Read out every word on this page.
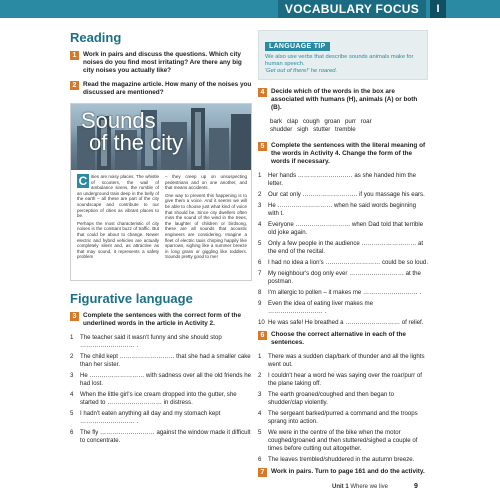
VOCABULARY FOCUS	I
Reading
1	Work in pairs and discuss the questions. Which city noises do you find most irritating? Are there any big city noises you actually like?
2	Read the magazine article. How many of the noises you discussed are mentioned?
Sounds
of the city

C ities are noisy places. The whistle of scooters, the wail of ambulance sirens, the rumble of an underground train deep in the belly of the earth – all these are part of the city soundscape and contribute to our perception of cities as vibrant places to be.

Perhaps the most characteristic of city noises is the constant buzz of traffic. But that could be about to change. Newer electric and hybrid vehicles are actually completely silent and, as attractive as that may sound, it represents a safety problem

– they creep up on unsuspecting pedestrians and on one another, and that means accidents.

One way to prevent this happening is to give them a voice. And it seems we will be able to choose just what kind of voice that should be. Since city dwellers often miss the sound of the wind in the trees, the laughter of children or birdsong, these are all sounds that acoustic engineers are considering. Imagine a fleet of electric taxis chirping happily like sparrows, sighing like a summer breeze in long grass or giggling like toddlers. Sounds pretty good to me!

Figurative language
3	Complete the sentences with the correct form of the underlined words in the article in Activity 2.
1	The teacher said it wasn't funny and she should stop ……………………… .
2	The child kept ……………………… that she had a smaller cake than her sister.
3	He ……………………… with sadness over all the old friends he had lost.
4	When the little girl's ice cream dropped into the gutter, she started to ……………………… in distress.
5	I hadn't eaten anything all day and my stomach kept ……………………… .
6	The fly ……………………… against the window made it difficult to concentrate.
LANGUAGE TIP

We also use verbs that describe sounds animals make for human speech.

'Get out of there!' he roared.

4	Decide which of the words in the box are associated with humans (H), animals (A) or both (B).
bark clap cough groan purr roar
shudder sigh stutter tremble
5	Complete the sentences with the literal meaning of the words in Activity 4. Change the form of the words if necessary.
1	Her hands ……………………… as she handed him the letter.
2	Our cat only ……………………… if you massage his ears.
3	He ……………………… when he said words beginning with t.
4	Everyone ……………………… when Dad told that terrible old joke again.
5	Only a few people in the audience ……………………… at the end of the recital.
6	I had no idea a lion's ……………………… could be so loud.
7	My neighbour's dog only ever ……………………… at the postman.
8	I'm allergic to pollen – it makes me ……………………… .
9	Even the idea of eating liver makes me ……………………… .
10 He was safe! He breathed a ……………………… of relief.
6	Choose the correct alternative in each of the sentences.
1	There was a sudden clap/bark of thunder and all the lights went out.
2	I couldn't hear a word he was saying over the roar/purr of the plane taking off.
3	The earth groaned/coughed and then began to shudder/clap violently.
4	The sergeant barked/purred a command and the troops sprang into action.
5	We were in the centre of the bike when the motor coughed/groaned and then stuttered/sighed a couple of times before cutting out altogether.
6	The leaves trembled/shuddered in the autumn breeze.
7	Work in pairs. Turn to page 161 and do the activity.
Unit 1 Where we live	9
